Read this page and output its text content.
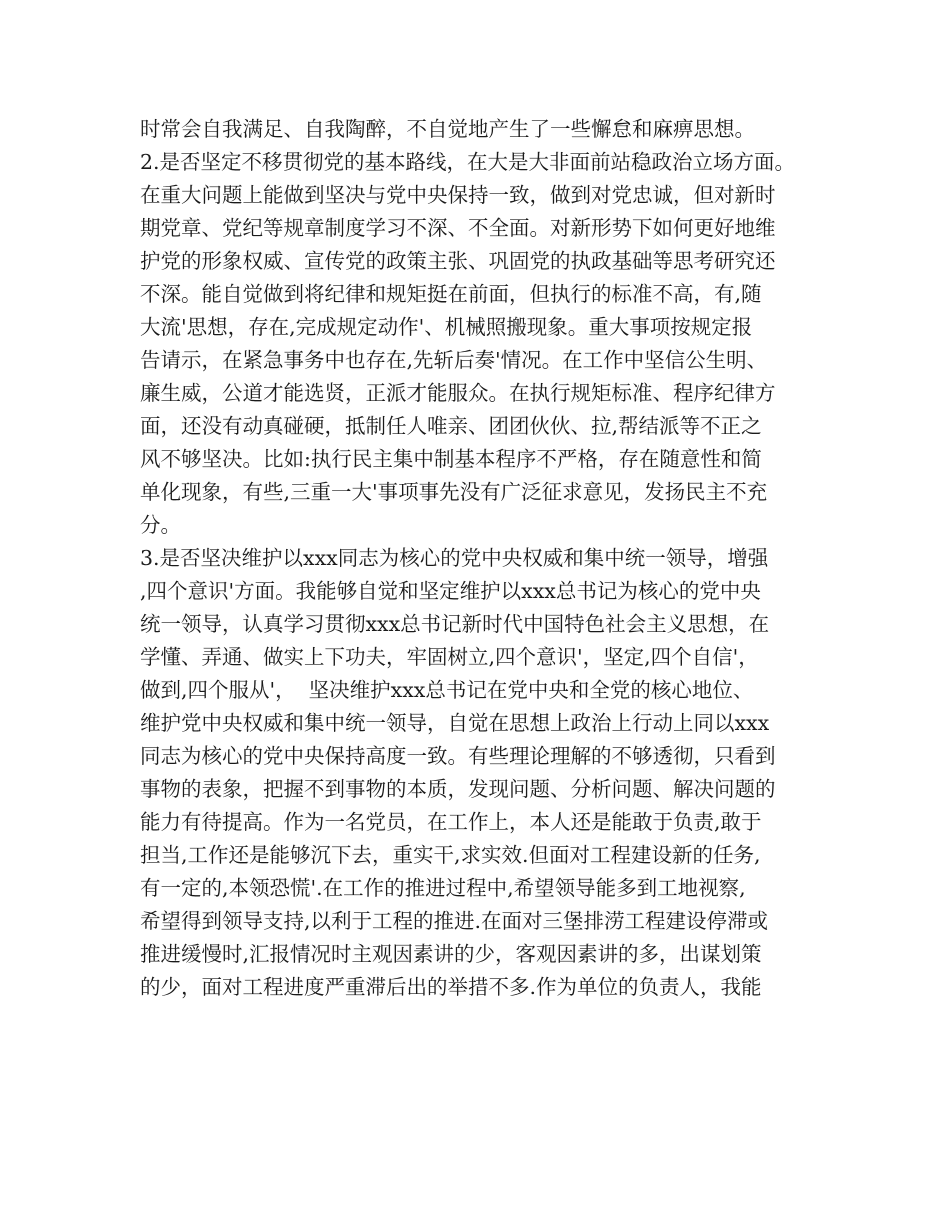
时常会自我满足、自我陶醉，不自觉地产生了一些懈怠和麻痹思想。
2.是否坚定不移贯彻党的基本路线，在大是大非面前站稳政治立场方面。
在重大问题上能做到坚决与党中央保持一致，做到对党忠诚，但对新时
期党章、党纪等规章制度学习不深、不全面。对新形势下如何更好地维
护党的形象权威、宣传党的政策主张、巩固党的执政基础等思考研究还
不深。能自觉做到将纪律和规矩挺在前面，但执行的标准不高，有,随
大流'思想，存在,完成规定动作'、机械照搬现象。重大事项按规定报
告请示，在紧急事务中也存在,先斩后奏'情况。在工作中坚信公生明、
廉生威，公道才能选贤，正派才能服众。在执行规矩标准、程序纪律方
面，还没有动真碰硬，抵制任人唯亲、团团伙伙、拉,帮结派等不正之
风不够坚决。比如:执行民主集中制基本程序不严格，存在随意性和简
单化现象，有些,三重一大'事项事先没有广泛征求意见，发扬民主不充
分。
3.是否坚决维护以xxx同志为核心的党中央权威和集中统一领导，增强
,四个意识'方面。我能够自觉和坚定维护以xxx总书记为核心的党中央
统一领导，认真学习贯彻xxx总书记新时代中国特色社会主义思想，在
学懂、弄通、做实上下功夫，牢固树立,四个意识'，坚定,四个自信'，
做到,四个服从'，  坚决维护xxx总书记在党中央和全党的核心地位、
维护党中央权威和集中统一领导，自觉在思想上政治上行动上同以xxx
同志为核心的党中央保持高度一致。有些理论理解的不够透彻，只看到
事物的表象，把握不到事物的本质，发现问题、分析问题、解决问题的
能力有待提高。作为一名党员，在工作上，本人还是能敢于负责,敢于
担当,工作还是能够沉下去，重实干,求实效.但面对工程建设新的任务,
有一定的,本领恐慌'.在工作的推进过程中,希望领导能多到工地视察,
希望得到领导支持,以利于工程的推进.在面对三堡排涝工程建设停滞或
推进缓慢时,汇报情况时主观因素讲的少，客观因素讲的多，出谋划策
的少，面对工程进度严重滞后出的举措不多.作为单位的负责人，我能
